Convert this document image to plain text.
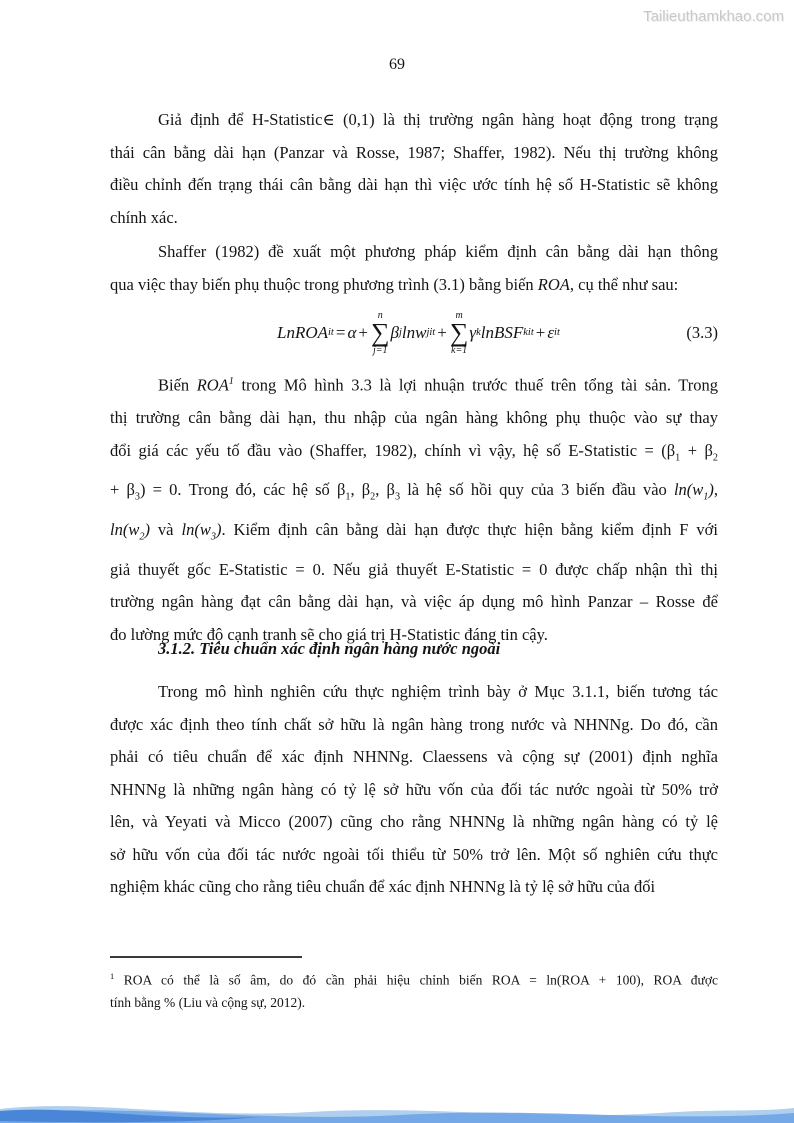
Tailieuthamkhao.com
69
Giả định để H-Statistic∈ (0,1) là thị trường ngân hàng hoạt động trong trạng
thái cân bằng dài hạn (Panzar và Rosse, 1987; Shaffer, 1982). Nếu thị trường không
điều chỉnh đến trạng thái cân bằng dài hạn thì việc ước tính hệ số H-Statistic sẽ không
chính xác.
Shaffer (1982) đề xuất một phương pháp kiểm định cân bằng dài hạn thông
qua việc thay biến phụ thuộc trong phương trình (3.1) bằng biến ROA, cụ thể như sau:
LnROA it = α +
n
∑
j=1
β j lnw jit +
m
∑
k=1
γ k lnBSF kit + ε it	(3.3)
Biến ROA$^1$ trong Mô hình 3.3 là lợi nhuận trước thuế trên tổng tài sản. Trong
thị trường cân bằng dài hạn, thu nhập của ngân hàng không phụ thuộc vào sự thay
đổi giá các yếu tố đầu vào (Shaffer, 1982), chính vì vậy, hệ số E-Statistic = ($\beta_1 + \beta_2$
+ $\beta_3) = 0$. Trong đó, các hệ số $\beta_1$, $\beta_2$, $\beta_3$ là hệ số hồi quy của 3 biến đầu vào $\ln(w_1)$,
$\ln(w_2)$ và $\ln(w_3)$. Kiểm định cân bằng dài hạn được thực hiện bằng kiểm định F với
giả thuyết gốc E-Statistic = 0. Nếu giả thuyết E-Statistic = 0 được chấp nhận thì thị
trường ngân hàng đạt cân bằng dài hạn, và việc áp dụng mô hình Panzar – Rosse để
đo lường mức độ cạnh tranh sẽ cho giá trị H-Statistic đáng tin cậy.
3.1.2. Tiêu chuẩn xác định ngân hàng nước ngoài
Trong mô hình nghiên cứu thực nghiệm trình bày ở Mục 3.1.1, biến tương tác
được xác định theo tính chất sở hữu là ngân hàng trong nước và NHNNg. Do đó, cần
phải có tiêu chuẩn để xác định NHNNg. Claessens và cộng sự (2001) định nghĩa
NHNNg là những ngân hàng có tỷ lệ sở hữu vốn của đối tác nước ngoài từ 50% trở
lên, và Yeyati và Micco (2007) cũng cho rằng NHNNg là những ngân hàng có tỷ lệ
sở hữu vốn của đối tác nước ngoài tối thiểu từ 50% trở lên. Một số nghiên cứu thực
nghiệm khác cũng cho rằng tiêu chuẩn để xác định NHNNg là tỷ lệ sở hữu của đối
$^1$ ROA có thể là số âm, do đó cần phải hiệu chỉnh biến ROA = ln(ROA + 100), ROA được
tính bằng % (Liu và cộng sự, 2012).
